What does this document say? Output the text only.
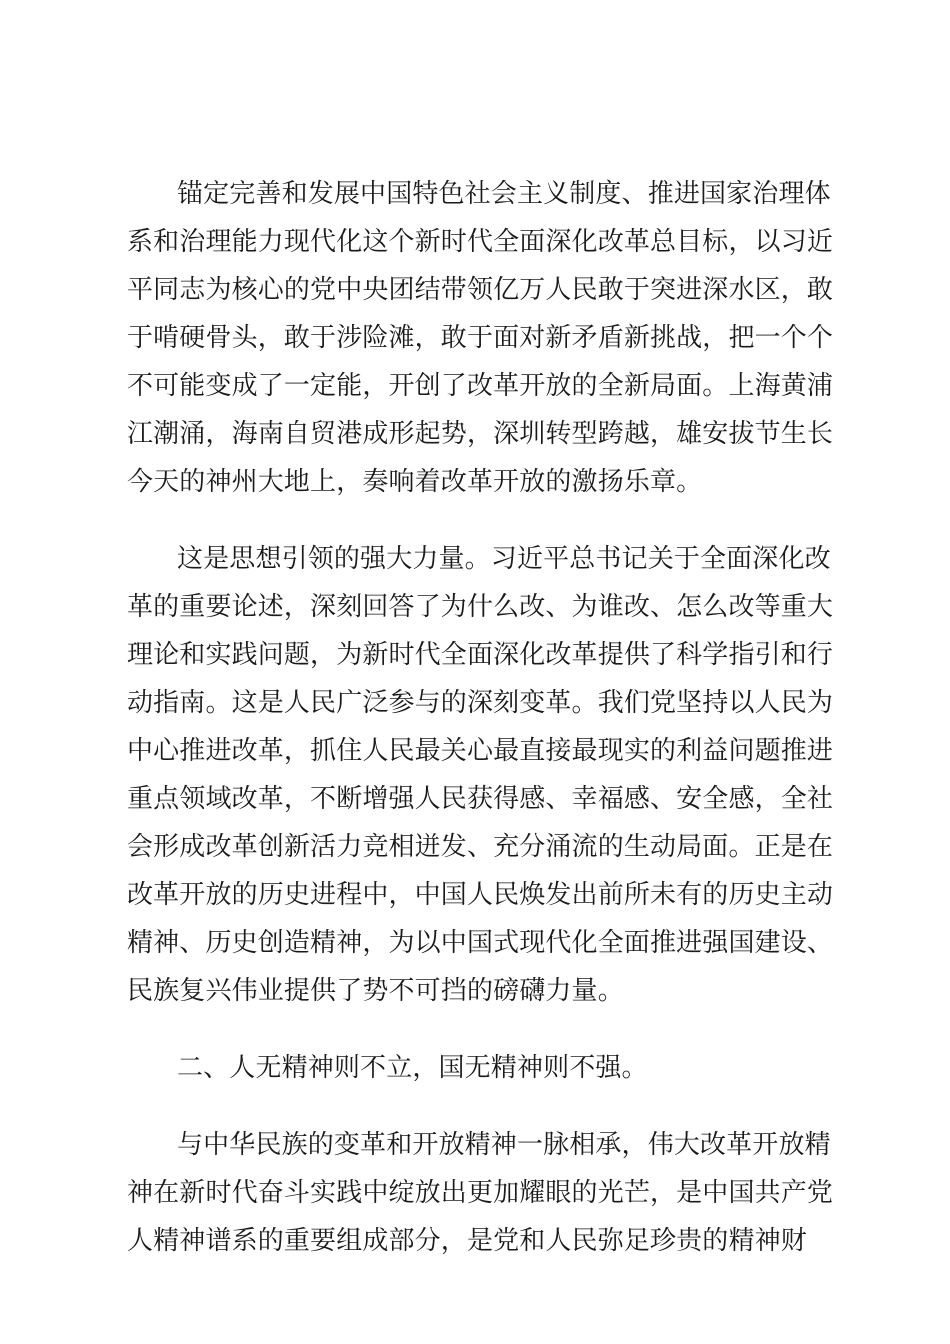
锚定完善和发展中国特色社会主义制度、推进国家治理体
系和治理能力现代化这个新时代全面深化改革总目标，以习近
平同志为核心的党中央团结带领亿万人民敢于突进深水区，敢
于啃硬骨头，敢于涉险滩，敢于面对新矛盾新挑战，把一个个
不可能变成了一定能，开创了改革开放的全新局面。上海黄浦
江潮涌，海南自贸港成形起势，深圳转型跨越，雄安拔节生长
今天的神州大地上，奏响着改革开放的激扬乐章。
这是思想引领的强大力量。习近平总书记关于全面深化改
革的重要论述，深刻回答了为什么改、为谁改、怎么改等重大
理论和实践问题，为新时代全面深化改革提供了科学指引和行
动指南。这是人民广泛参与的深刻变革。我们党坚持以人民为
中心推进改革，抓住人民最关心最直接最现实的利益问题推进
重点领域改革，不断增强人民获得感、幸福感、安全感，全社
会形成改革创新活力竞相迸发、充分涌流的生动局面。正是在
改革开放的历史进程中，中国人民焕发出前所未有的历史主动
精神、历史创造精神，为以中国式现代化全面推进强国建设、
民族复兴伟业提供了势不可挡的磅礴力量。
二、人无精神则不立，国无精神则不强。
与中华民族的变革和开放精神一脉相承，伟大改革开放精
神在新时代奋斗实践中绽放出更加耀眼的光芒，是中国共产党
人精神谱系的重要组成部分，是党和人民弥足珍贵的精神财
